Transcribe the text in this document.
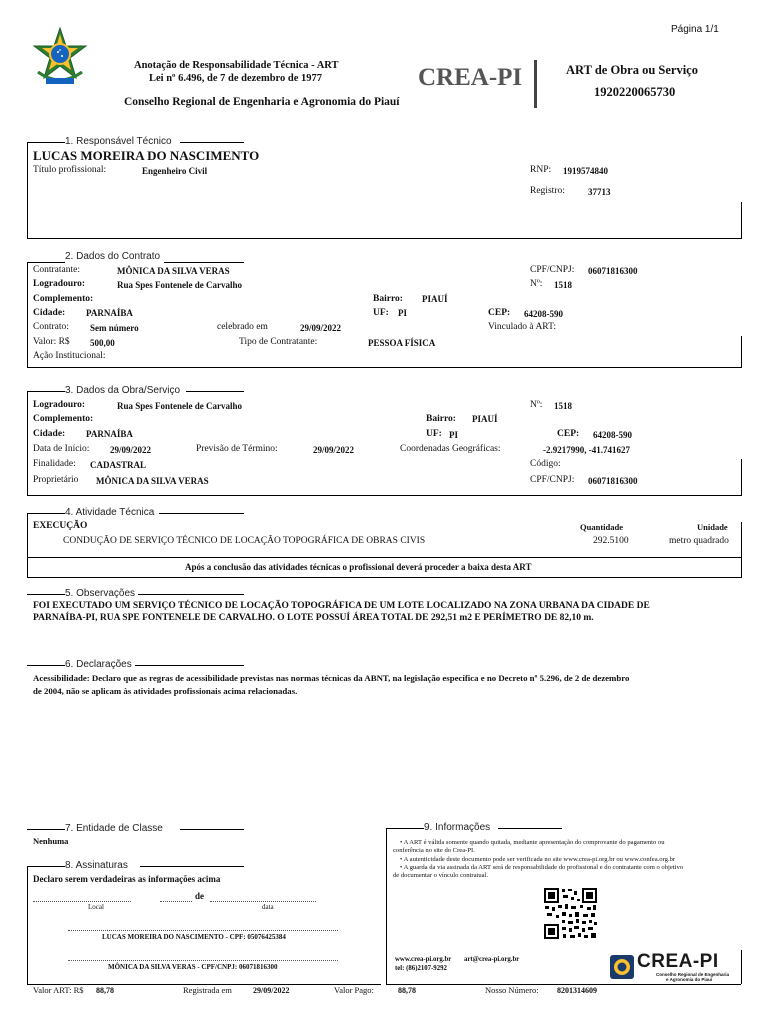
Página 1/1
Anotação de Responsabilidade Técnica - ART
Lei nº 6.496, de 7 de dezembro de 1977
Conselho Regional de Engenharia e Agronomia do Piauí
CREA-PI	ART de Obra ou Serviço
1920220065730
1. Responsável Técnico
LUCAS MOREIRA DO NASCIMENTO
Título profissional:	Engenheiro Civil	RNP: 1919574840
Registro:	37713
2. Dados do Contrato
Contratante:	MÔNICA DA SILVA VERAS	CPF/CNPJ: 06071816300
Logradouro:	Rua Spes Fontenele de Carvalho	Nº: 1518
Complemento:	Bairro: PIAUÍ
Cidade: PARNAÍBA	UF: PI	CEP: 64208-590
Contrato: Sem número	celebrado em	29/09/2022	Vinculado à ART:
Valor: R$ 500,00	Tipo de Contratante:	PESSOA FÍSICA
Ação Institucional:
3. Dados da Obra/Serviço
Logradouro:	Rua Spes Fontenele de Carvalho	Nº: 1518
Complemento:	Bairro: PIAUÍ
Cidade: PARNAÍBA	UF: PI	CEP: 64208-590
Data de Início: 29/09/2022	Previsão de Término:	29/09/2022	Coordenadas Geográficas:	-2.9217990, -41.741627
Finalidade: CADASTRAL	Código:
Proprietário MÔNICA DA SILVA VERAS	CPF/CNPJ: 06071816300
4. Atividade Técnica
EXECUÇÃO	Quantidade	Unidade
CONDUÇÃO DE SERVIÇO TÉCNICO DE LOCAÇÃO TOPOGRÁFICA DE OBRAS CIVIS	292.5100	metro quadrado
Após a conclusão das atividades técnicas o profissional deverá proceder a baixa desta ART
5. Observações
FOI EXECUTADO UM SERVIÇO TÉCNICO DE LOCAÇÃO TOPOGRÁFICA DE UM LOTE LOCALIZADO NA ZONA URBANA DA CIDADE DE
PARNAÍBA-PI, RUA SPE FONTENELE DE CARVALHO. O LOTE POSSUÍ ÁREA TOTAL DE 292,51 m2 E PERÍMETRO DE 82,10 m.
6. Declarações
Acessibilidade: Declaro que as regras de acessibilidade previstas nas normas técnicas da ABNT, na legislação específica e no Decreto nº 5.296, de 2 de dezembro
de 2004, não se aplicam às atividades profissionais acima relacionadas.
7. Entidade de Classe
Nenhuma
8. Assinaturas
Declaro serem verdadeiras as informações acima
de
Local	data
LUCAS MOREIRA DO NASCIMENTO - CPF: 05076425384
MÔNICA DA SILVA VERAS - CPF/CNPJ: 06071816300
9. Informações
• A ART é válida somente quando quitada, mediante apresentação do comprovante do pagamento ou
conferência no site do Crea-PI.
• A autenticidade deste documento pode ser verificada no site www.crea-pi.org.br ou www.confea.org.br
• A guarda da via assinada da ART será de responsabilidade do profissional e do contratante com o objetivo
de documentar o vínculo contratual.
www.crea-pi.org.br art@crea-pi.org.br
tel: (86)2107-9292	CREA-PI
Conselho Regional de Engenharia
e Agronomia do Piauí
Valor ART: R$ 88,78	Registrada em	29/09/2022	Valor Pago:	88,78	Nosso Número: 8201314609
